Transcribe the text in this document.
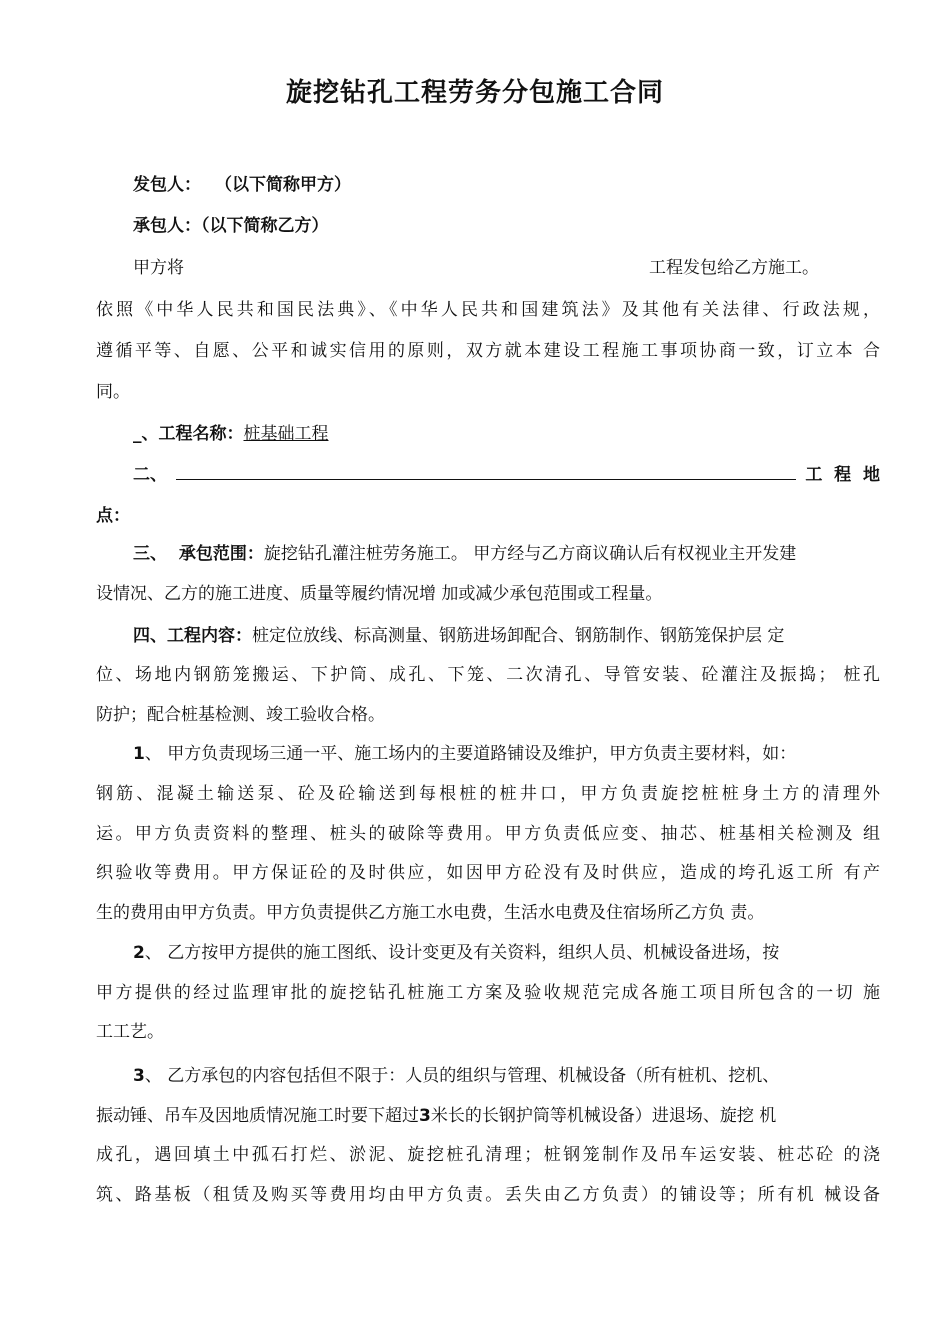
旋挖钻孔工程劳务分包施工合同
发包人： （以下简称甲方）
承包人：（以下简称乙方）
甲方将	工程发包给乙方施工。
依照《中华人民共和国民法典》、《中华人民共和国建筑法》及其他有关法律、行政法规，
遵循平等、自愿、公平和诚实信用的原则，双方就本建设工程施工事项协商一致，订立本 合
同。
_、工程名称：桩基础工程
二、	工  程  地
点：
三、  承包范围：旋挖钻孔灌注桩劳务施工。 甲方经与乙方商议确认后有权视业主开发建
设情况、乙方的施工进度、质量等履约情况增 加或减少承包范围或工程量。
四、工程内容：桩定位放线、标高测量、钢筋进场卸配合、钢筋制作、钢筋笼保护层 定
位、场地内钢筋笼搬运、下护筒、成孔、下笼、二次清孔、导管安装、砼灌注及振捣； 桩孔
防护；配合桩基检测、竣工验收合格。
1、 甲方负责现场三通一平、施工场内的主要道路铺设及维护，甲方负责主要材料，如：
钢筋、混凝土输送泵、砼及砼输送到每根桩的桩井口，甲方负责旋挖桩桩身土方的清理外
运。甲方负责资料的整理、桩头的破除等费用。甲方负责低应变、抽芯、桩基相关检测及 组
织验收等费用。甲方保证砼的及时供应，如因甲方砼没有及时供应，造成的垮孔返工所 有产
生的费用由甲方负责。甲方负责提供乙方施工水电费，生活水电费及住宿场所乙方负 责。
2、 乙方按甲方提供的施工图纸、设计变更及有关资料，组织人员、机械设备进场，按
甲方提供的经过监理审批的旋挖钻孔桩施工方案及验收规范完成各施工项目所包含的一切 施
工工艺。
3、 乙方承包的内容包括但不限于：人员的组织与管理、机械设备（所有桩机、挖机、
振动锤、吊车及因地质情况施工时要下超过3米长的长钢护筒等机械设备）进退场、旋挖 机
成孔，遇回填土中孤石打烂、淤泥、旋挖桩孔清理；桩钢笼制作及吊车运安装、桩芯砼 的浇
筑、路基板（租赁及购买等费用均由甲方负责。丢失由乙方负责）的铺设等；所有机 械设备
